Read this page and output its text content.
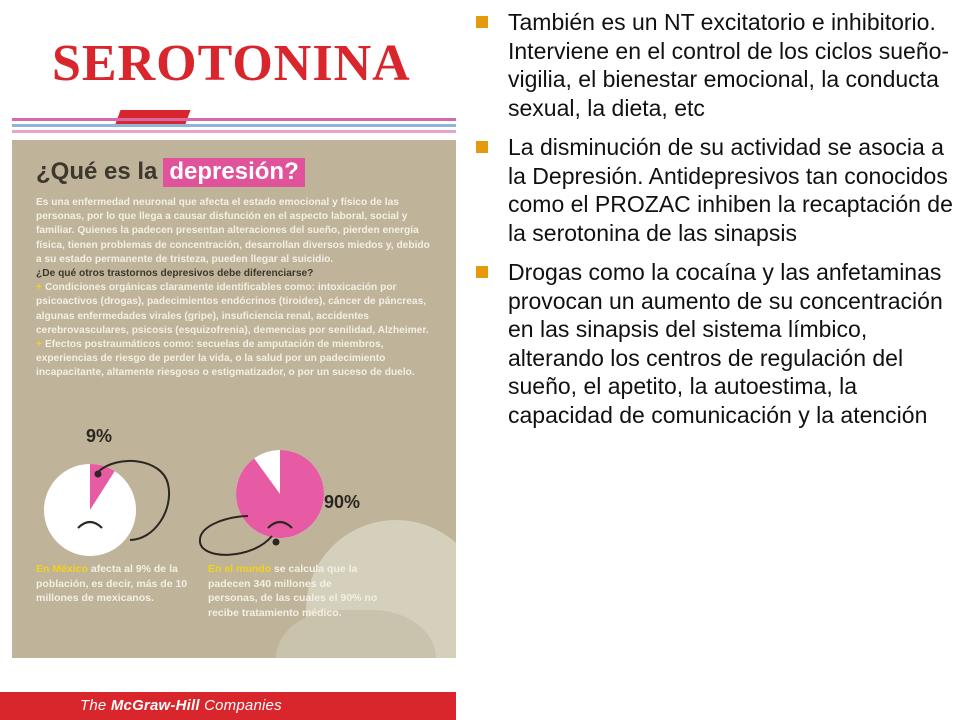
SEROTONINA
¿Qué es la depresión?

Es una enfermedad neuronal que afecta el estado emocional y físico de las personas, por lo que llega a causar disfunción en el aspecto laboral, social y familiar. Quienes la padecen presentan alteraciones del sueño, pierden energía física, tienen problemas de concentración, desarrollan diversos miedos y, debido a su estado permanente de tristeza, pueden llegar al suicidio.

¿De qué otros trastornos depresivos debe diferenciarse?

+ Condiciones orgánicas claramente identificables como: intoxicación por psicoactivos (drogas), padecimientos endócrinos (tiroides), cáncer de páncreas, algunas enfermedades virales (gripe), insuficiencia renal, accidentes cerebrovasculares, psicosis (esquizofrenia), demencias por senilidad, Alzheimer.

+ Efectos postraumáticos como: secuelas de amputación de miembros, experiencias de riesgo de perder la vida, o la salud por un padecimiento incapacitante, altamente riesgoso o estigmatizador, o por un suceso de duelo.

9%
En México afecta al 9% de la población, es decir, más de 10 millones de mexicanos.
90%
En el mundo se calcula que la padecen 340 millones de personas, de las cuales el 90% no recibe tratamiento médico.
The McGraw-Hill Companies
También es un NT excitatorio e inhibitorio. Interviene en el control de los ciclos sueño-vigilia, el bienestar emocional, la conducta sexual, la dieta, etc
La disminución de su actividad se asocia a la Depresión. Antidepresivos tan conocidos como el PROZAC inhiben la recaptación de la serotonina de las sinapsis
Drogas como la cocaína y las anfetaminas provocan un aumento de su concentración en las sinapsis del sistema límbico, alterando los centros de regulación del sueño, el apetito, la autoestima, la capacidad de comunicación y la atención
